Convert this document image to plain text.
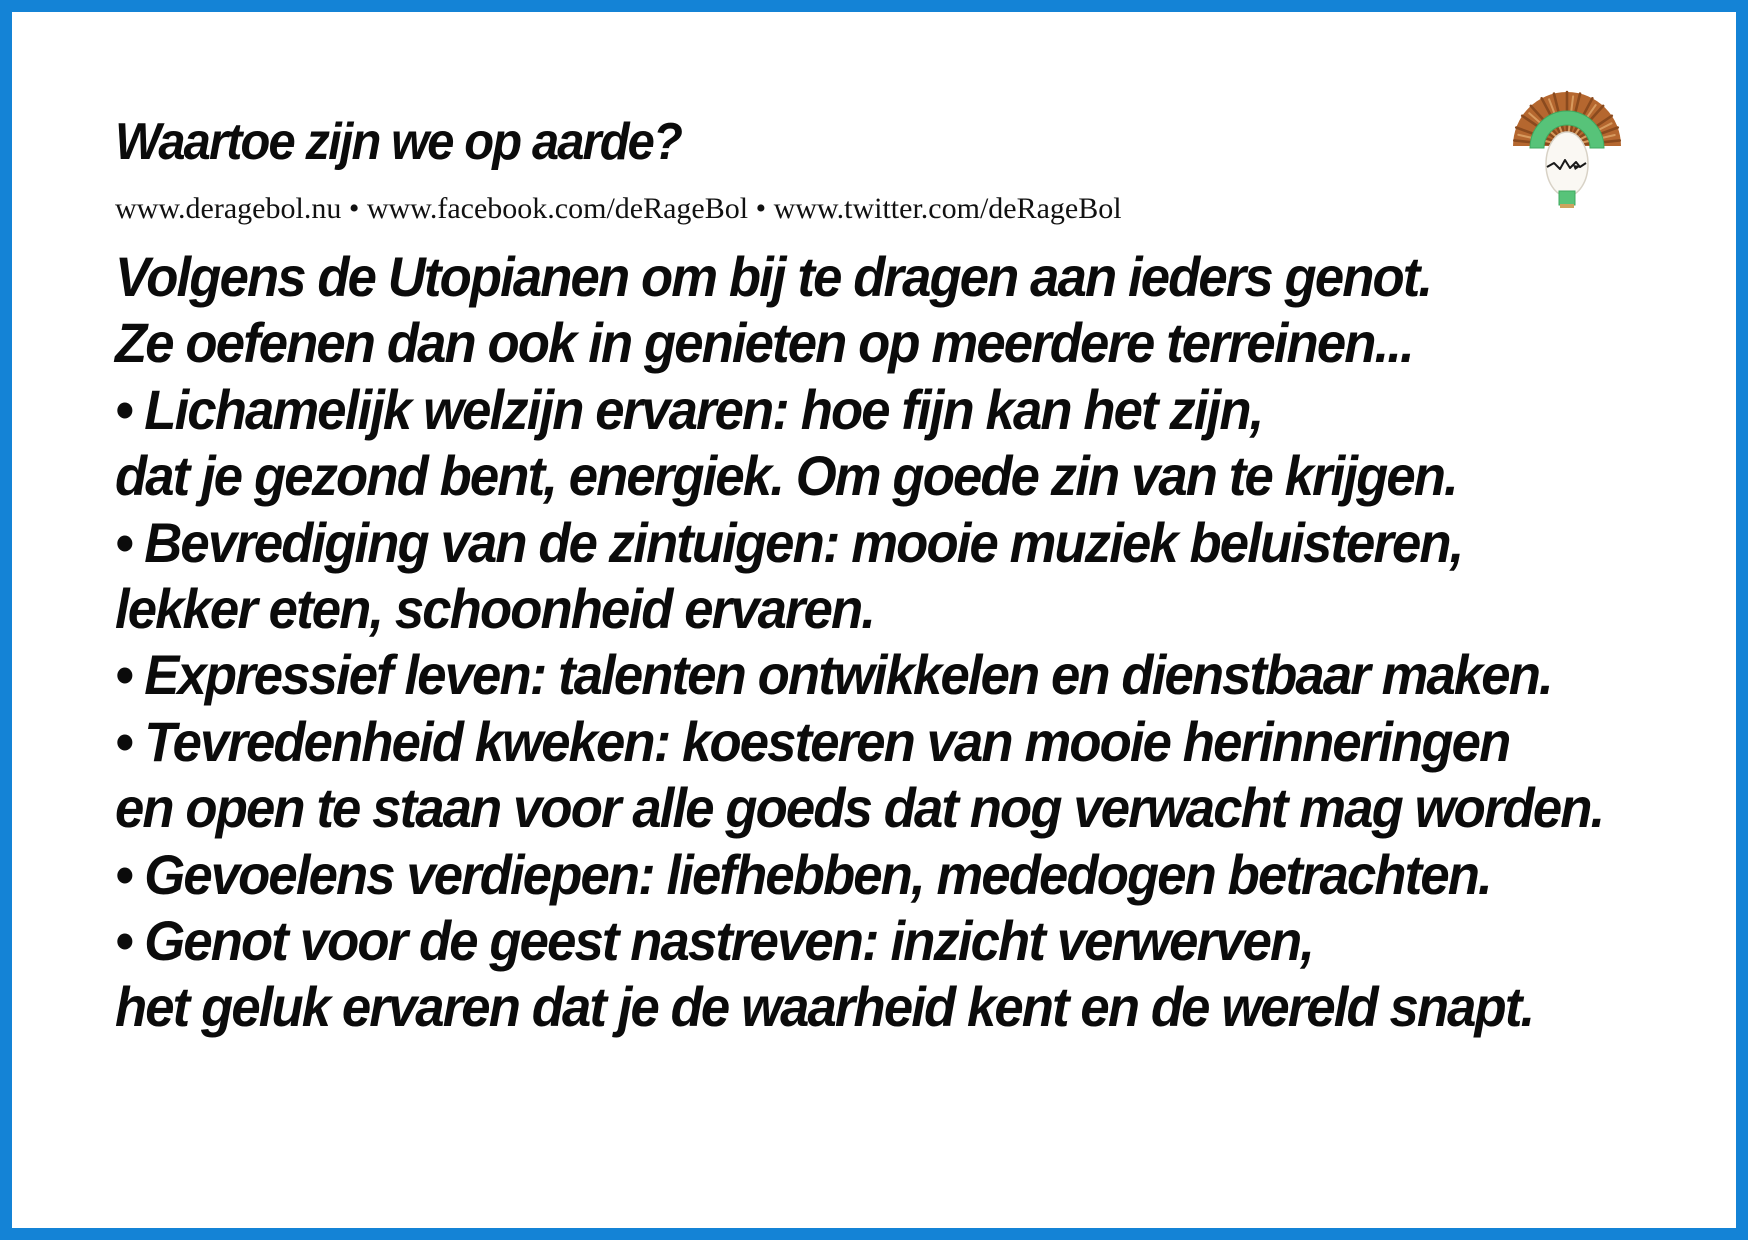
Waartoe zijn we op aarde?
www.deragebol.nu • www.facebook.com/deRageBol • www.twitter.com/deRageBol
Volgens de Utopianen om bij te dragen aan ieders genot.
Ze oefenen dan ook in genieten op meerdere terreinen...
• Lichamelijk welzijn ervaren: hoe fijn kan het zijn,
dat je gezond bent, energiek. Om goede zin van te krijgen.
• Bevrediging van de zintuigen: mooie muziek beluisteren,
lekker eten, schoonheid ervaren.
• Expressief leven: talenten ontwikkelen en dienstbaar maken.
• Tevredenheid kweken: koesteren van mooie herinneringen
en open te staan voor alle goeds dat nog verwacht mag worden.
• Gevoelens verdiepen: liefhebben, mededogen betrachten.
• Genot voor de geest nastreven: inzicht verwerven,
het geluk ervaren dat je de waarheid kent en de wereld snapt.
